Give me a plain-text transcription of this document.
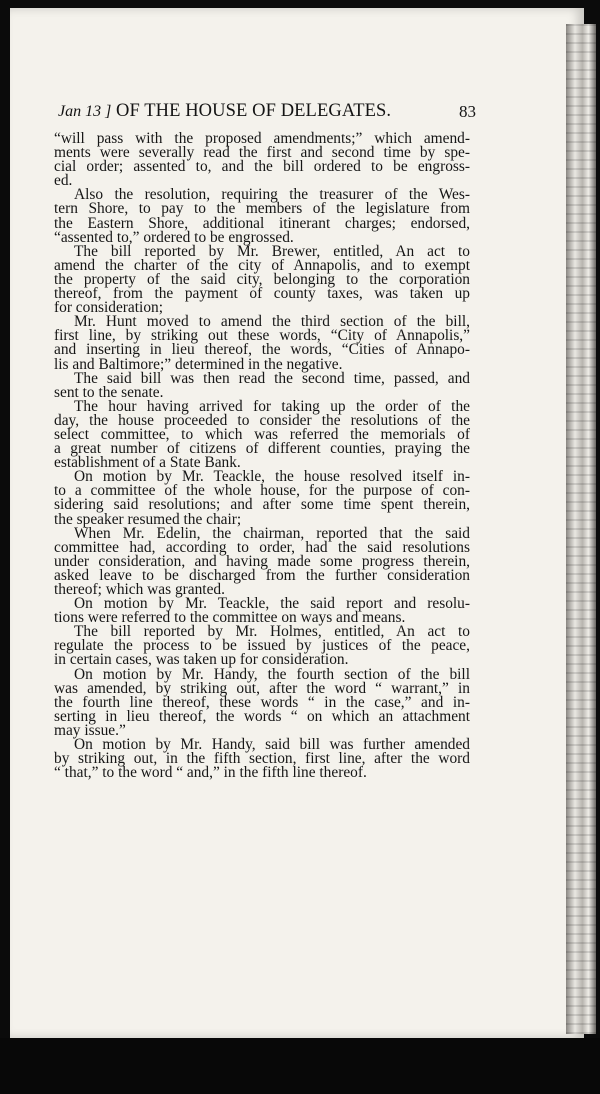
Jan 13 ] OF THE HOUSE OF DELEGATES.	83
“will pass with the proposed amendments;” which amend-
ments were severally read the first and second time by spe-
cial order; assented to, and the bill ordered to be engross-
ed.
Also the resolution, requiring the treasurer of the Wes-
tern Shore, to pay to the members of the legislature from
the Eastern Shore, additional itinerant charges; endorsed,
“assented to,” ordered to be engrossed.
The bill reported by Mr. Brewer, entitled, An act to
amend the charter of the city of Annapolis, and to exempt
the property of the said city, belonging to the corporation
thereof, from the payment of county taxes, was taken up
for consideration;
Mr. Hunt moved to amend the third section of the bill,
first line, by striking out these words, “City of Annapolis,”
and inserting in lieu thereof, the words, “Cities of Annapo-
lis and Baltimore;” determined in the negative.
The said bill was then read the second time, passed, and
sent to the senate.
The hour having arrived for taking up the order of the
day, the house proceeded to consider the resolutions of the
select committee, to which was referred the memorials of
a great number of citizens of different counties, praying the
establishment of a State Bank.
On motion by Mr. Teackle, the house resolved itself in-
to a committee of the whole house, for the purpose of con-
sidering said resolutions; and after some time spent therein,
the speaker resumed the chair;
When Mr. Edelin, the chairman, reported that the said
committee had, according to order, had the said resolutions
under consideration, and having made some progress therein,
asked leave to be discharged from the further consideration
thereof; which was granted.
On motion by Mr. Teackle, the said report and resolu-
tions were referred to the committee on ways and means.
The bill reported by Mr. Holmes, entitled, An act to
regulate the process to be issued by justices of the peace,
in certain cases, was taken up for consideration.
On motion by Mr. Handy, the fourth section of the bill
was amended, by striking out, after the word “ warrant,” in
the fourth line thereof, these words “ in the case,” and in-
serting in lieu thereof, the words “ on which an attachment
may issue.”
On motion by Mr. Handy, said bill was further amended
by striking out, in the fifth section, first line, after the word
“ that,” to the word “ and,” in the fifth line thereof.
